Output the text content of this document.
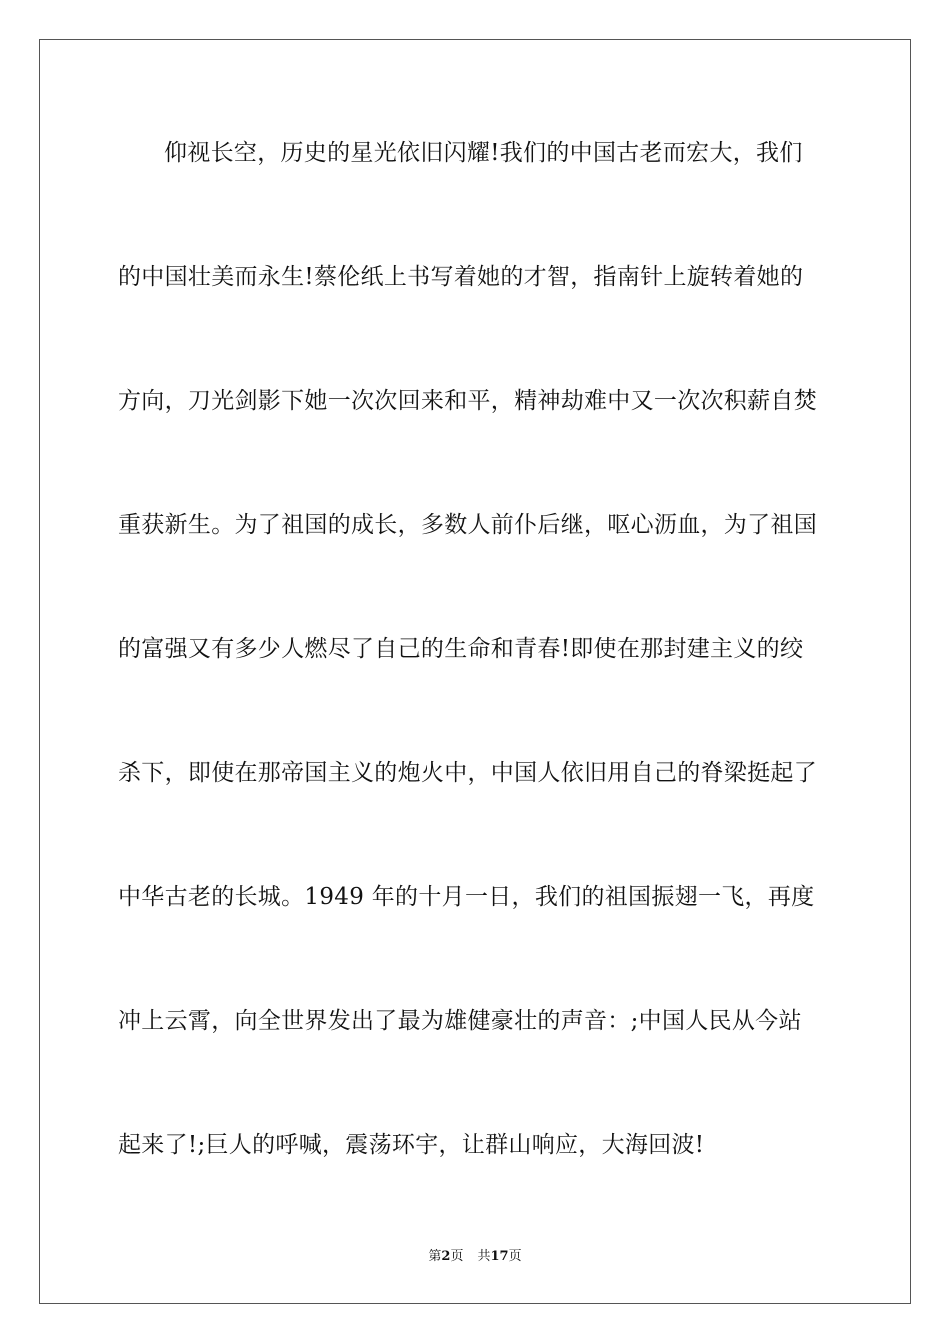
仰视长空，历史的星光依旧闪耀!我们的中国古老而宏大，我们
的中国壮美而永生!蔡伦纸上书写着她的才智，指南针上旋转着她的
方向，刀光剑影下她一次次回来和平，精神劫难中又一次次积薪自焚
重获新生。为了祖国的成长，多数人前仆后继，呕心沥血，为了祖国
的富强又有多少人燃尽了自己的生命和青春!即使在那封建主义的绞
杀下，即使在那帝国主义的炮火中，中国人依旧用自己的脊梁挺起了
中华古老的长城。1949 年的十月一日，我们的祖国振翅一飞，再度
冲上云霄，向全世界发出了最为雄健豪壮的声音：;中国人民从今站
起来了!;巨人的呼喊，震荡环宇，让群山响应，大海回波!
第2页 共17页
